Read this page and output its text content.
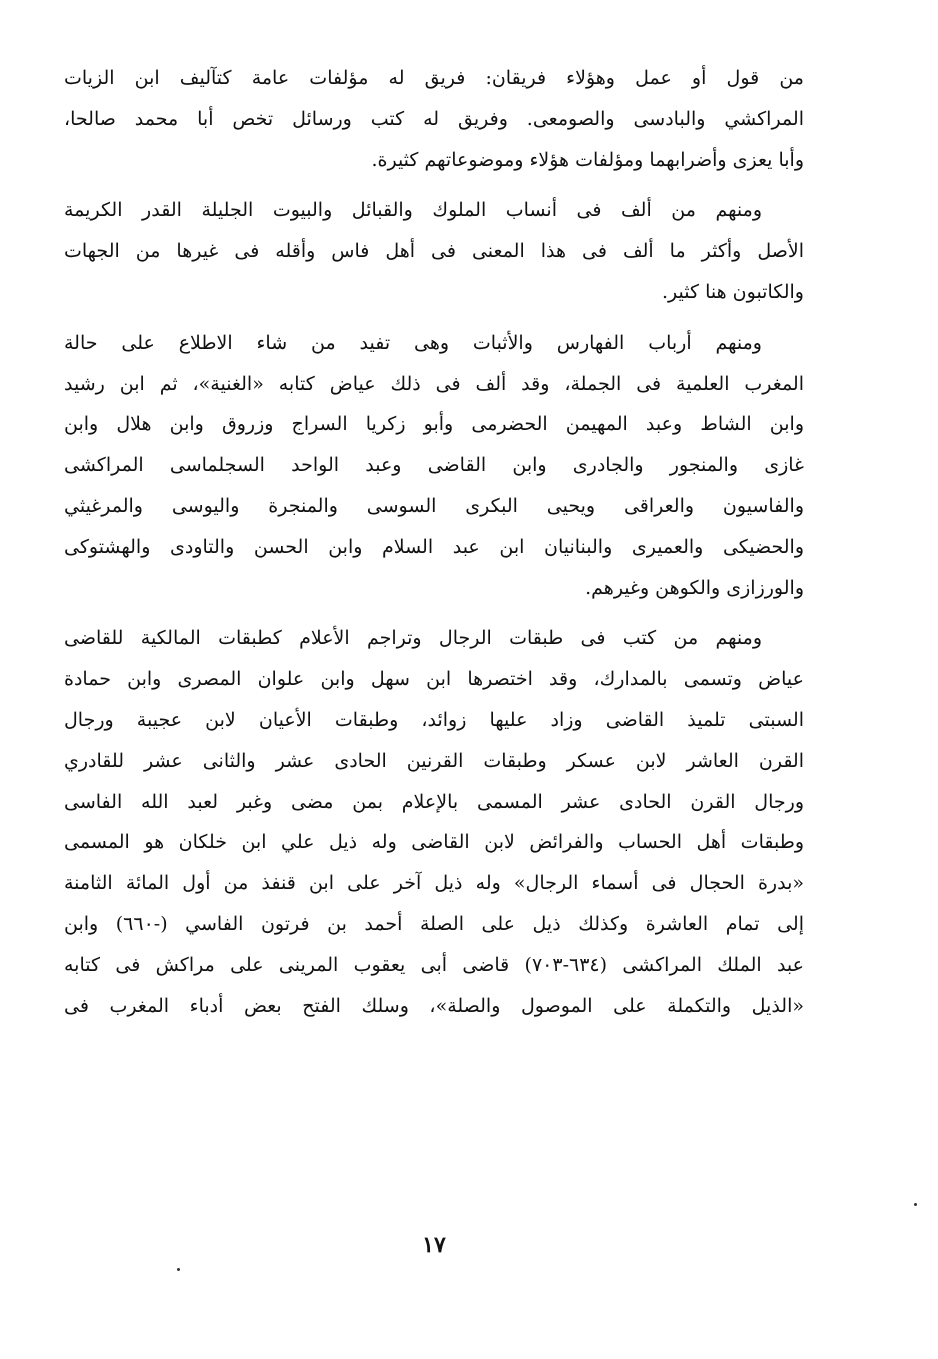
من قول أو عمل وهؤلاء فريقان: فريق له مؤلفات عامة كتآليف ابن الزيات
المراكشي والبادسى والصومعى. وفريق له كتب ورسائل تخص أبا محمد صالحا،
وأبا يعزى وأضرابهما ومؤلفات هؤلاء وموضوعاتهم كثيرة.
ومنهم من ألف فى أنساب الملوك والقبائل والبيوت الجليلة القدر الكريمة
الأصل وأكثر ما ألف فى هذا المعنى فى أهل فاس وأقله فى غيرها من الجهات
والكاتبون هنا كثير.
ومنهم أرباب الفهارس والأثبات وهى تفيد من شاء الاطلاع على حالة
المغرب العلمية فى الجملة، وقد ألف فى ذلك عياض كتابه «الغنية»، ثم ابن رشيد
وابن الشاط وعبد المهيمن الحضرمى وأبو زكريا السراج وزروق وابن هلال وابن
غازى والمنجور والجادرى وابن القاضى وعبد الواحد السجلماسى المراكشى
والفاسيون والعراقى ويحيى البكرى السوسى والمنجرة واليوسى والمرغيثي
والحضيكى والعميرى والبنانيان ابن عبد السلام وابن الحسن والتاودى والهشتوكى
والورزازى والكوهن وغيرهم.
ومنهم من كتب فى طبقات الرجال وتراجم الأعلام كطبقات المالكية للقاضى
عياض وتسمى بالمدارك، وقد اختصرها ابن سهل وابن علوان المصرى وابن حمادة
السبتى تلميذ القاضى وزاد عليها زوائد، وطبقات الأعيان لابن عجيبة ورجال
القرن العاشر لابن عسكر وطبقات القرنين الحادى عشر والثانى عشر للقادري
ورجال القرن الحادى عشر المسمى بالإعلام بمن مضى وغبر لعبد الله الفاسى
وطبقات أهل الحساب والفرائض لابن القاضى وله ذيل علي ابن خلكان هو المسمى
«بدرة الحجال فى أسماء الرجال» وله ذيل آخر على ابن قنفذ من أول المائة الثامنة
إلى تمام العاشرة وكذلك ذيل على الصلة أحمد بن فرتون الفاسي (-٦٦٠) وابن
عبد الملك المراكشى (٦٣٤-٧٠٣) قاضى أبى يعقوب المرينى على مراكش فى كتابه
«الذيل والتكملة على الموصول والصلة»، وسلك الفتح بعض أدباء المغرب فى
١٧
